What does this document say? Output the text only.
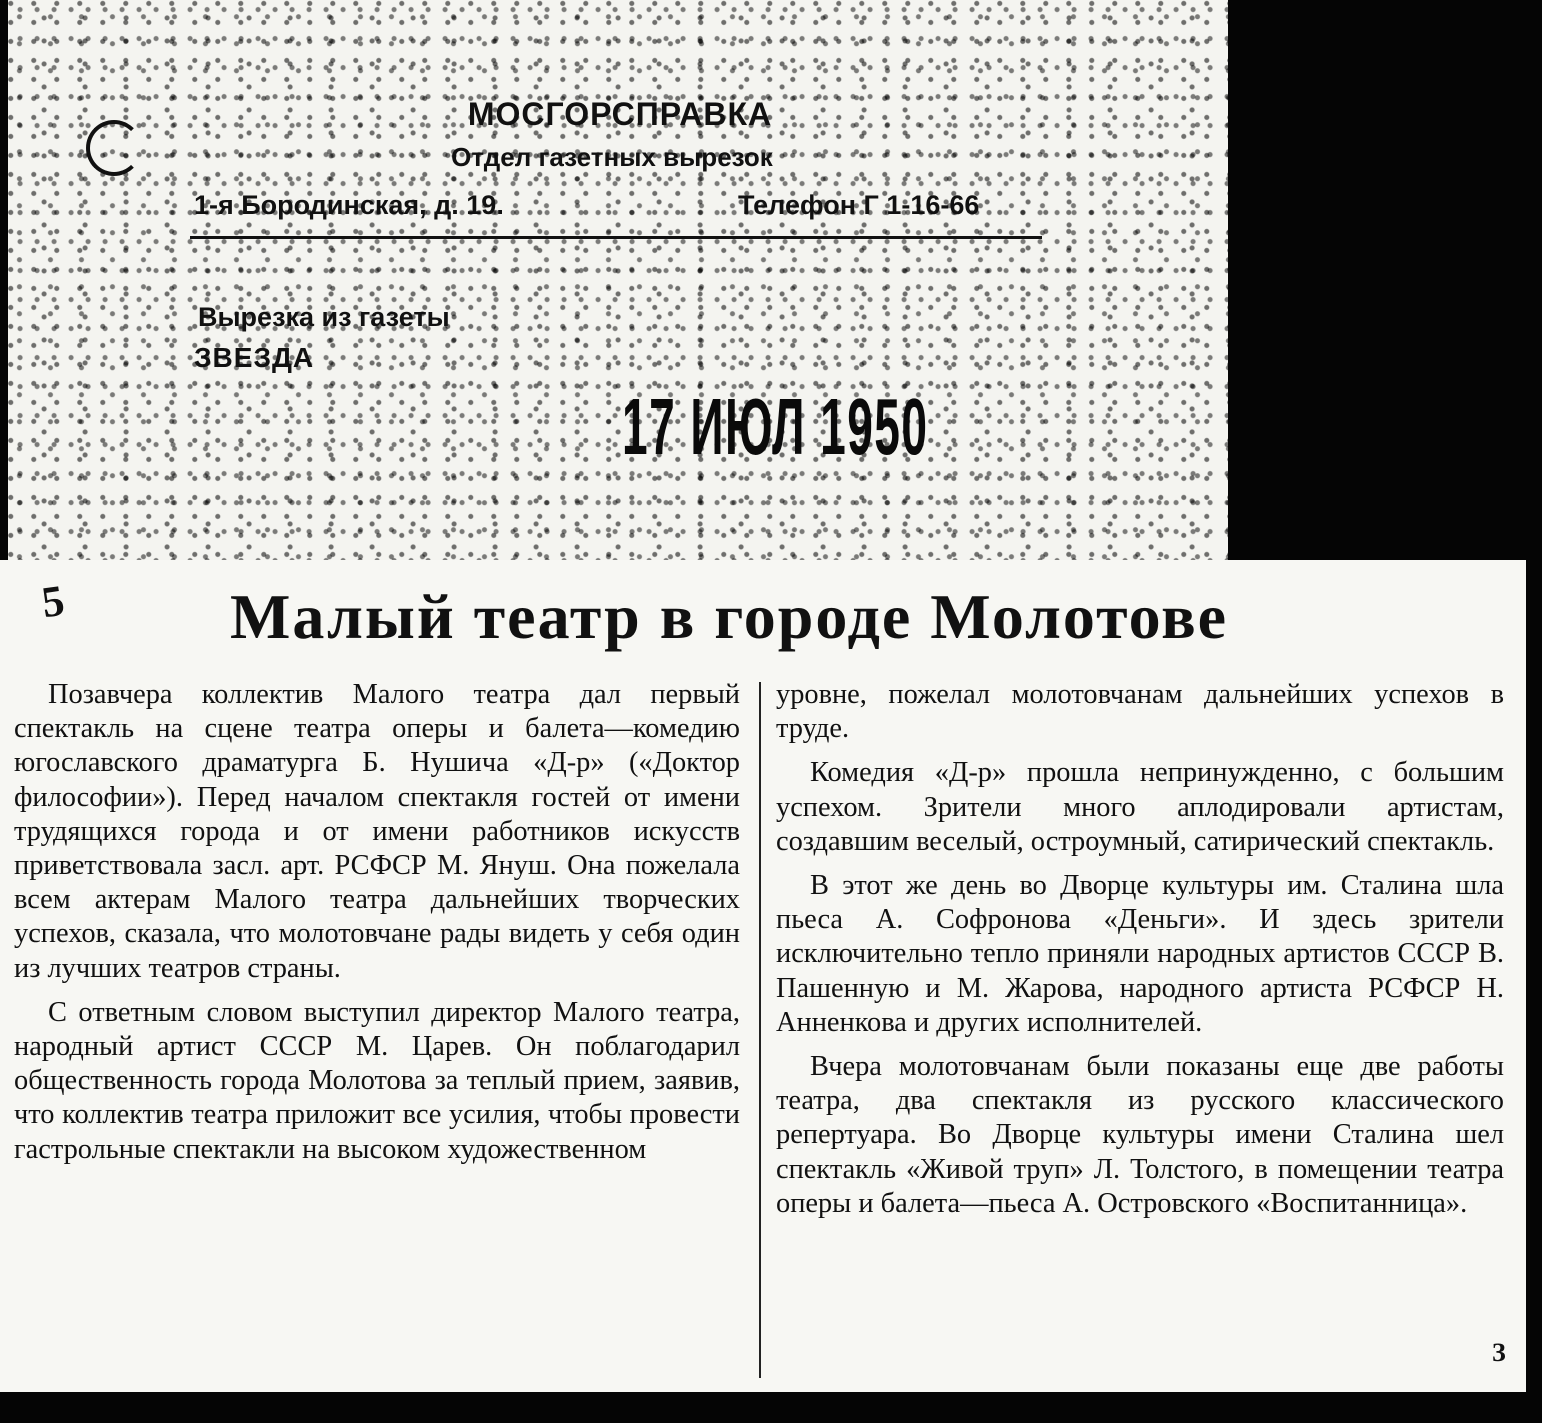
МОСГОРСПРАВКА
Отдел газетных вырезок
1-я Бородинская, д. 19.	Телефон Г 1-16-66
Вырезка из газеты
ЗВЕЗДА
17 ИЮЛ 1950
5	Малый театр в городе Молотове

Позавчера коллектив Малого театра дал первый спектакль на сцене театра оперы и балета—комедию югославского драматурга Б. Нушича «Д-р» («Доктор философии»). Перед началом спектакля гостей от имени трудящихся города и от имени работников искусств приветствовала засл. арт. РСФСР М. Януш. Она пожелала всем актерам Малого театра дальнейших творческих успехов, сказала, что молотовчане рады видеть у себя один из лучших театров страны.

С ответным словом выступил директор Малого театра, народный артист СССР М. Царев. Он поблагодарил общественность города Молотова за теплый прием, заявив, что коллектив театра приложит все усилия, чтобы провести гастрольные спектакли на высоком художественном

уровне, пожелал молотовчанам дальнейших успехов в труде.

Комедия «Д-р» прошла непринужденно, с большим успехом. Зрители много аплодировали артистам, создавшим веселый, остроумный, сатирический спектакль.

В этот же день во Дворце культуры им. Сталина шла пьеса А. Софронова «Деньги». И здесь зрители исключительно тепло приняли народных артистов СССР В. Пашенную и М. Жарова, народного артиста РСФСР Н. Анненкова и других исполнителей.

Вчера молотовчанам были показаны еще две работы театра, два спектакля из русского классического репертуара. Во Дворце культуры имени Сталина шел спектакль «Живой труп» Л. Толстого, в помещении театра оперы и балета—пьеса А. Островского «Воспитанница».

З
